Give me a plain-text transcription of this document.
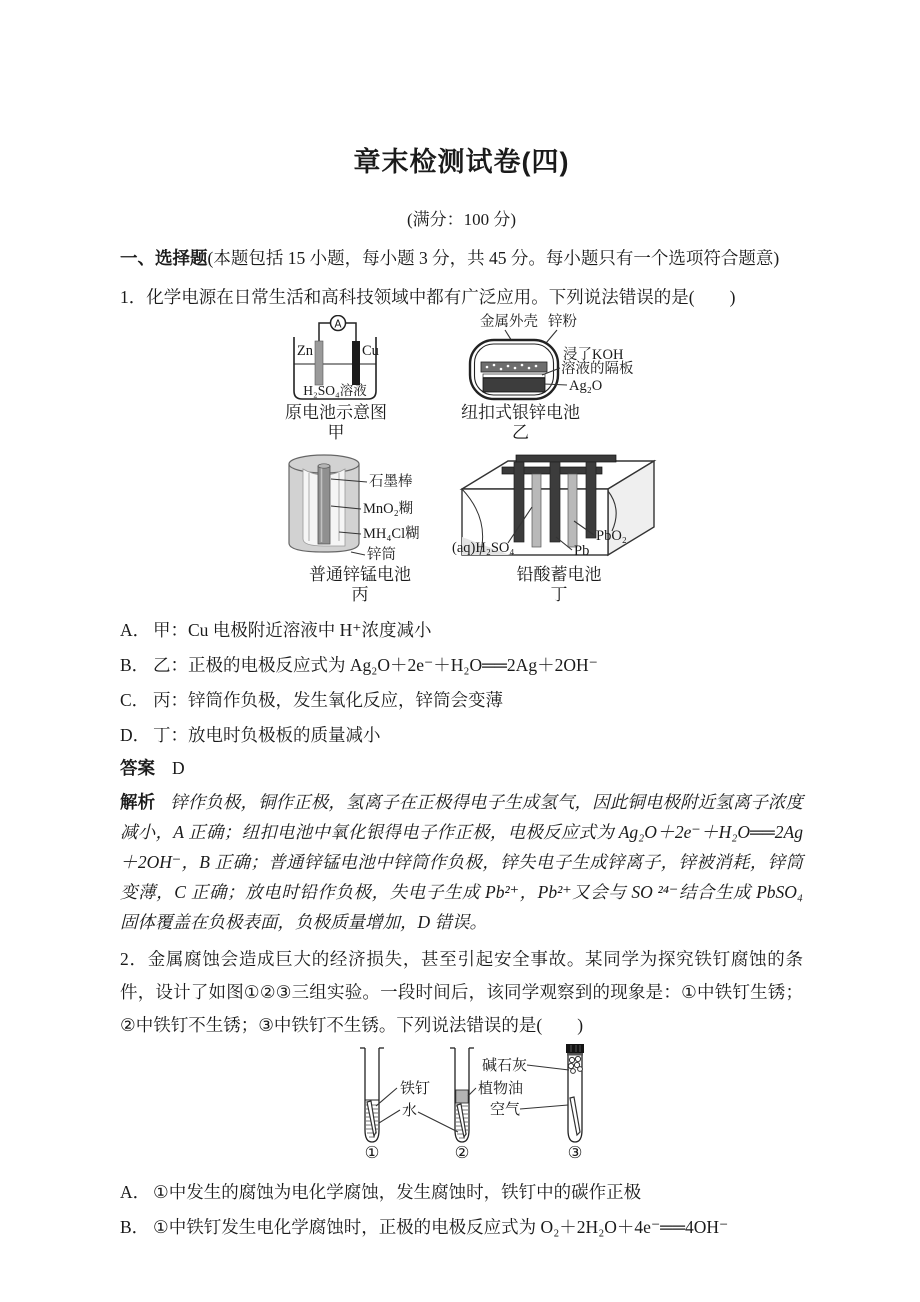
章末检测试卷(四)
(满分：100 分)

一、选择题(本题包括 15 小题，每小题 3 分，共 45 分。每小题只有一个选项符合题意)

1．化学电源在日常生活和高科技领域中都有广泛应用。下列说法错误的是(　　)

A
Zn	Cu
H₂SO₄溶液
原电池示意图
甲
金属外壳 锌粉
浸了KOH
溶液的隔板
Ag₂O
纽扣式银锌电池
乙
石墨棒
MnO₂糊
MH₄Cl糊
锌筒
普通锌锰电池
丙
(aq)H₂SO₄
PbO₂
Pb
铅酸蓄电池
丁

A． 甲：Cu 电极附近溶液中 H⁺浓度减小

B． 乙：正极的电极反应式为 Ag₂O＋2e⁻＋H₂O══2Ag＋2OH⁻

C． 丙：锌筒作负极，发生氧化反应，锌筒会变薄

D． 丁：放电时负极板的质量减小

答案 D

解析 锌作负极，铜作正极，氢离子在正极得电子生成氢气，因此铜电极附近氢离子浓度减小，A 正确；纽扣电池中氧化银得电子作正极，电极反应式为 Ag₂O＋2e⁻＋H₂O══2Ag＋2OH⁻，B 正确；普通锌锰电池中锌筒作负极，锌失电子生成锌离子，锌被消耗，锌筒变薄，C 正确；放电时铅作负极，失电子生成 Pb²⁺，Pb²⁺又会与 SO ²⁴⁻结合生成 PbSO₄ 固体覆盖在负极表面，负极质量增加，D 错误。

2．金属腐蚀会造成巨大的经济损失，甚至引起安全事故。某同学为探究铁钉腐蚀的条件，设计了如图①②③三组实验。一段时间后，该同学观察到的现象是：①中铁钉生锈；②中铁钉不生锈；③中铁钉不生锈。下列说法错误的是(　　)

铁钉
水
碱石灰
植物油
空气
①	②	③

A． ①中发生的腐蚀为电化学腐蚀，发生腐蚀时，铁钉中的碳作正极

B． ①中铁钉发生电化学腐蚀时，正极的电极反应式为 O₂＋2H₂O＋4e⁻══4OH⁻
